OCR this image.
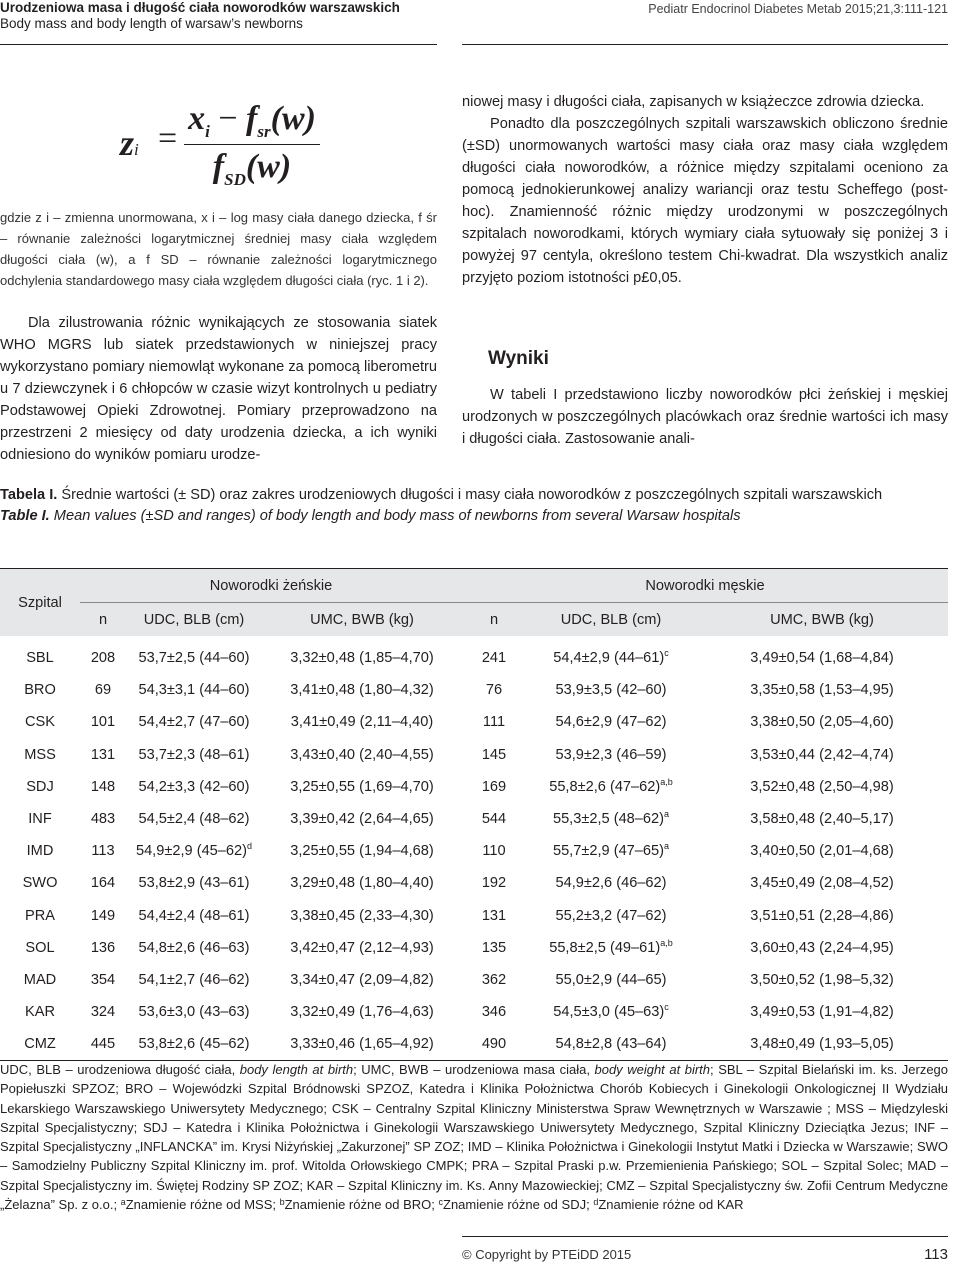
Urodzeniowa masa i długość ciała noworodków warszawskich
Body mass and body length of warsaw’s newborns
Pediatr Endocrinol Diabetes Metab 2015;21,3:111-121
zi =
$x_i - f_{sr}(w)$
$f_{SD}(w)$

gdzie z i – zmienna unormowana, x i – log masy ciała danego dziecka, f śr – równanie zależności logarytmicznej średniej masy ciała względem długości ciała (w), a f SD – równanie zależności logarytmicznego odchylenia standardowego masy ciała względem długości ciała (ryc. 1 i 2).

Dla zilustrowania różnic wynikających ze stosowania siatek WHO MGRS lub siatek przedstawionych w niniejszej pracy wykorzystano pomiary niemowląt wykonane za pomocą liberometru u 7 dziewczynek i 6 chłopców w czasie wizyt kontrolnych u pediatry Podstawowej Opieki Zdrowotnej. Pomiary przeprowadzono na przestrzeni 2 miesięcy od daty urodzenia dziecka, a ich wyniki odniesiono do wyników pomiaru urodze-

niowej masy i długości ciała, zapisanych w książeczce zdrowia dziecka.

Ponadto dla poszczególnych szpitali warszawskich obliczono średnie (±SD) unormowanych wartości masy ciała oraz masy ciała względem długości ciała noworodków, a różnice między szpitalami oceniono za pomocą jednokierunkowej analizy wariancji oraz testu Scheffego (post-hoc). Znamienność różnic między urodzonymi w poszczególnych szpitalach noworodkami, których wymiary ciała sytuowały się poniżej 3 i powyżej 97 centyla, określono testem Chi-kwadrat. Dla wszystkich analiz przyjęto poziom istotności p£0,05.

Wyniki

W tabeli I przedstawiono liczby noworodków płci żeńskiej i męskiej urodzonych w poszczególnych placówkach oraz średnie wartości ich masy i długości ciała. Zastosowanie anali-

Tabela I. Średnie wartości (± SD) oraz zakres urodzeniowych długości i masy ciała noworodków z poszczególnych szpitali warszawskich
Table I. Mean values (±SD and ranges) of body length and body mass of newborns from several Warsaw hospitals
Szpital	Noworodki żeńskie			Noworodki męskie		
	n	UDC, BLB (cm)	UMC, BWB (kg)	n	UDC, BLB (cm)	UMC, BWB (kg)
SBL	208	53,7±2,5 (44–60)	3,32±0,48 (1,85–4,70)	241	54,4±2,9 $(44-61)^c$	3,49±0,54 (1,68–4,84)
BRO	69	54,3±3,1 (44–60)	3,41±0,48 (1,80–4,32)	76	53,9±3,5 (42–60)	3,35±0,58 (1,53–4,95)
CSK	101	54,4±2,7 (47–60)	3,41±0,49 (2,11–4,40)	111	54,6±2,9 (47–62)	3,38±0,50 (2,05–4,60)
MSS	131	53,7±2,3 (48–61)	3,43±0,40 (2,40–4,55)	145	53,9±2,3 (46–59)	3,53±0,44 (2,42–4,74)
SDJ	148	54,2±3,3 (42–60)	3,25±0,55 (1,69–4,70)	169	55,8±2,6 $(47-62)^{a,b}$	3,52±0,48 (2,50–4,98)
INF	483	54,5±2,4 (48–62)	3,39±0,42 (2,64–4,65)	544	55,3±2,5 $(48-62)^a$	3,58±0,48 (2,40–5,17)
IMD	113	54,9±2,9 $(45-62)^d$	3,25±0,55 (1,94–4,68)	110	55,7±2,9 $(47-65)^a$	3,40±0,50 (2,01–4,68)
SWO	164	53,8±2,9 (43–61)	3,29±0,48 (1,80–4,40)	192	54,9±2,6 (46–62)	3,45±0,49 (2,08–4,52)
PRA	149	54,4±2,4 (48–61)	3,38±0,45 (2,33–4,30)	131	55,2±3,2 (47–62)	3,51±0,51 (2,28–4,86)
SOL	136	54,8±2,6 (46–63)	3,42±0,47 (2,12–4,93)	135	55,8±2,5 $(49-61)^{a,b}$	3,60±0,43 (2,24–4,95)
MAD	354	54,1±2,7 (46–62)	3,34±0,47 (2,09–4,82)	362	55,0±2,9 (44–65)	3,50±0,52 (1,98–5,32)
KAR	324	53,6±3,0 (43–63)	3,32±0,49 (1,76–4,63)	346	54,5±3,0 $(45-63)^c$	3,49±0,53 (1,91–4,82)
CMZ	445	53,8±2,6 (45–62)	3,33±0,46 (1,65–4,92)	490	54,8±2,8 (43–64)	3,48±0,49 (1,93–5,05)
UDC, BLB – urodzeniowa długość ciała, body length at birth; UMC, BWB – urodzeniowa masa ciała, body weight at birth; SBL – Szpital Bielański im. ks. Jerzego Popiełuszki SPZOZ; BRO – Wojewódzki Szpital Bródnowski SPZOZ, Katedra i Klinika Położnictwa Chorób Kobiecych i Ginekologii Onkologicznej II Wydziału Lekarskiego Warszawskiego Uniwersytety Medycznego; CSK – Centralny Szpital Kliniczny Ministerstwa Spraw Wewnętrznych w Warszawie ; MSS – Międzyleski Szpital Specjalistyczny; SDJ – Katedra i Klinika Położnictwa i Ginekologii Warszawskiego Uniwersytety Medycznego, Szpital Kliniczny Dzieciątka Jezus; INF – Szpital Specjalistyczny „INFLANCKA” im. Krysi Niżyńskiej „Zakurzonej” SP ZOZ; IMD – Klinika Położnictwa i Ginekologii Instytut Matki i Dziecka w Warszawie; SWO – Samodzielny Publiczny Szpital Kliniczny im. prof. Witolda Orłowskiego CMPK; PRA – Szpital Praski p.w. Przemienienia Pańskiego; SOL – Szpital Solec; MAD – Szpital Specjalistyczny im. Świętej Rodziny SP ZOZ; KAR – Szpital Kliniczny im. Ks. Anny Mazowieckiej; CMZ – Szpital Specjalistyczny św. Zofii Centrum Medyczne „Żelazna” Sp. z o.o.; $^a$Znamienie różne od MSS; $^b$Znamienie różne od BRO; $^c$Znamienie różne od SDJ; $^d$Znamienie różne od KAR
© Copyright by PTEiDD 2015	113
